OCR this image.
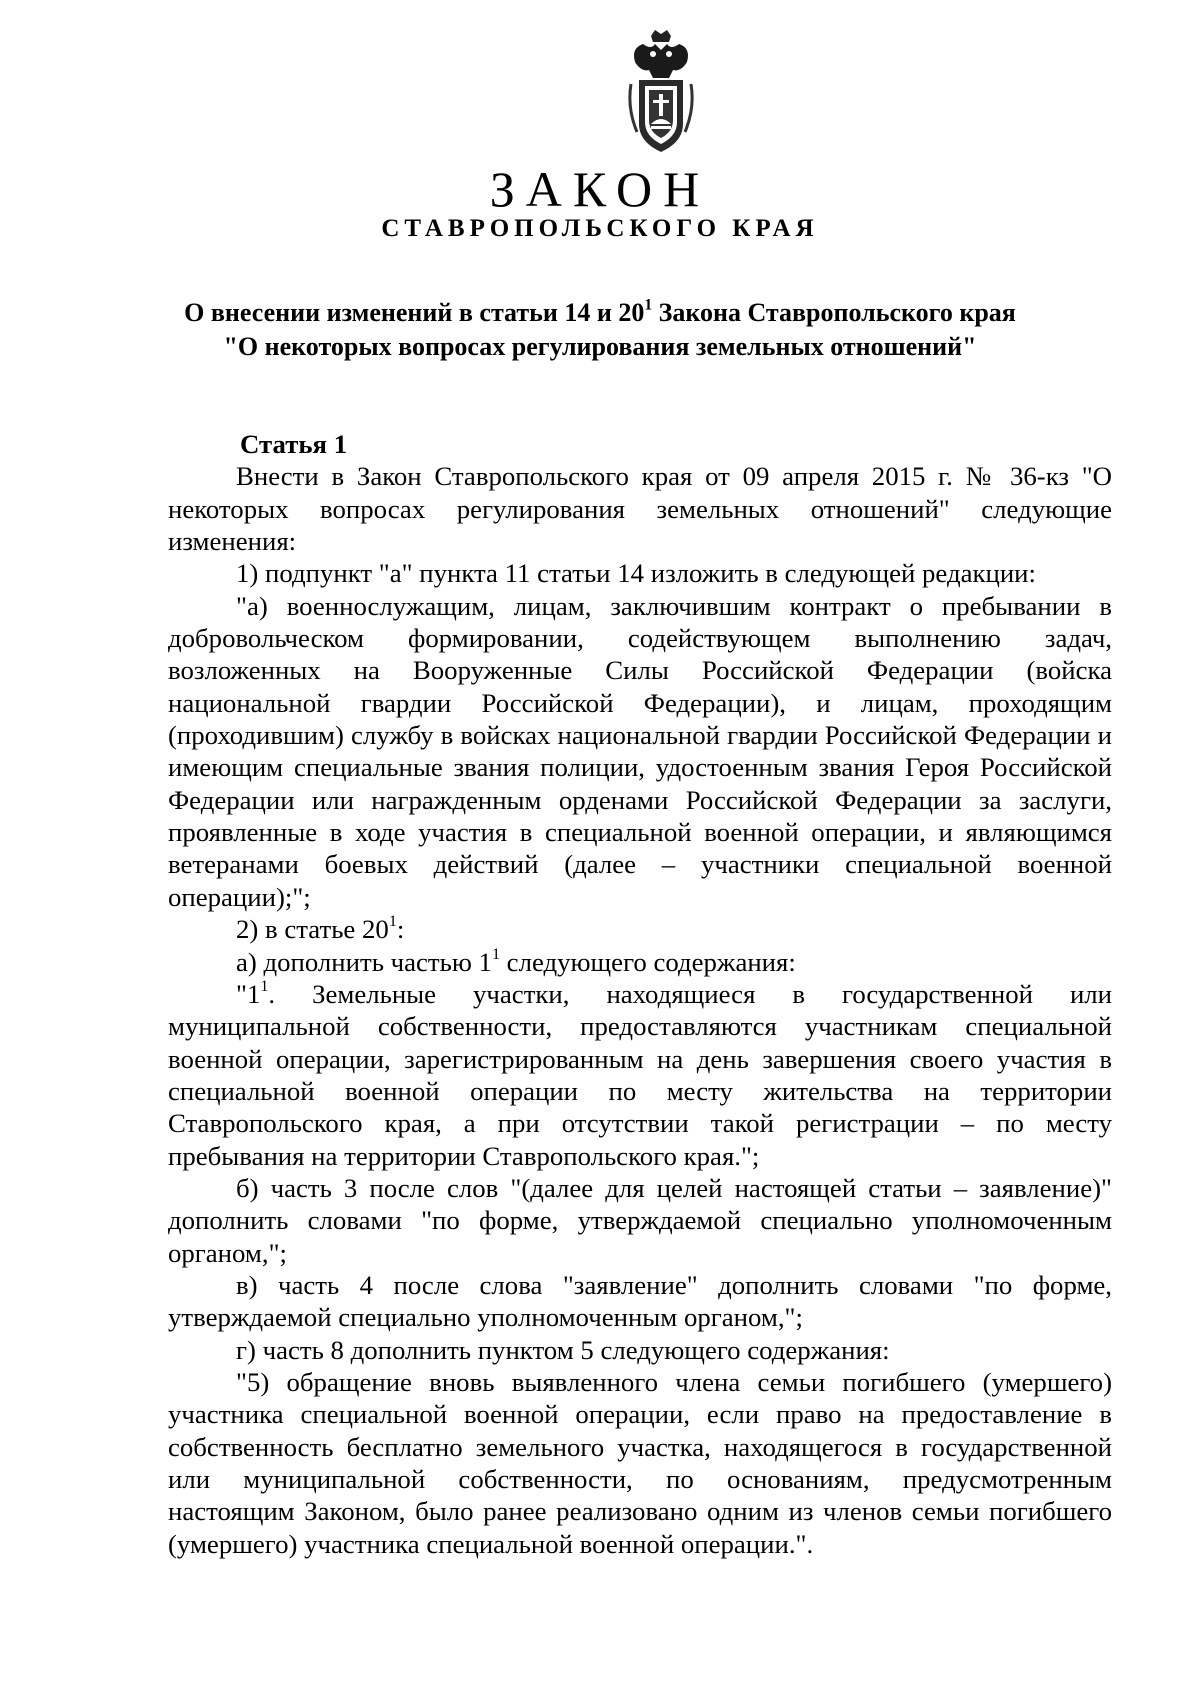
ЗАКОН
СТАВРОПОЛЬСКОГО КРАЯ
О внесении изменений в статьи 14 и $20^1$ Закона Ставропольского края
"О некоторых вопросах регулирования земельных отношений"
Статья 1

Внести в Закон Ставропольского края от 09 апреля 2015 г. № 36-кз "О некоторых вопросах регулирования земельных отношений" следующие изменения:

1) подпункт "а" пункта 11 статьи 14 изложить в следующей редакции:

"а) военнослужащим, лицам, заключившим контракт о пребывании в добровольческом формировании, содействующем выполнению задач, возложенных на Вооруженные Силы Российской Федерации (войска национальной гвардии Российской Федерации), и лицам, проходящим (проходившим) службу в войсках национальной гвардии Российской Федерации и имеющим специальные звания полиции, удостоенным звания Героя Российской Федерации или награжденным орденами Российской Федерации за заслуги, проявленные в ходе участия в специальной военной операции, и являющимся ветеранами боевых действий (далее – участники специальной военной операции);";

2) в статье $20^1$:

а) дополнить частью $1^1$ следующего содержания:

"$1^1$. Земельные участки, находящиеся в государственной или муниципальной собственности, предоставляются участникам специальной военной операции, зарегистрированным на день завершения своего участия в специальной военной операции по месту жительства на территории Ставропольского края, а при отсутствии такой регистрации – по месту пребывания на территории Ставропольского края.";

б) часть 3 после слов "(далее для целей настоящей статьи – заявление)" дополнить словами "по форме, утверждаемой специально уполномоченным органом,";

в) часть 4 после слова "заявление" дополнить словами "по форме, утверждаемой специально уполномоченным органом,";

г) часть 8 дополнить пунктом 5 следующего содержания:

"5) обращение вновь выявленного члена семьи погибшего (умершего) участника специальной военной операции, если право на предоставление в собственность бесплатно земельного участка, находящегося в государственной или муниципальной собственности, по основаниям, предусмотренным настоящим Законом, было ранее реализовано одним из членов семьи погибшего (умершего) участника специальной военной операции.".
